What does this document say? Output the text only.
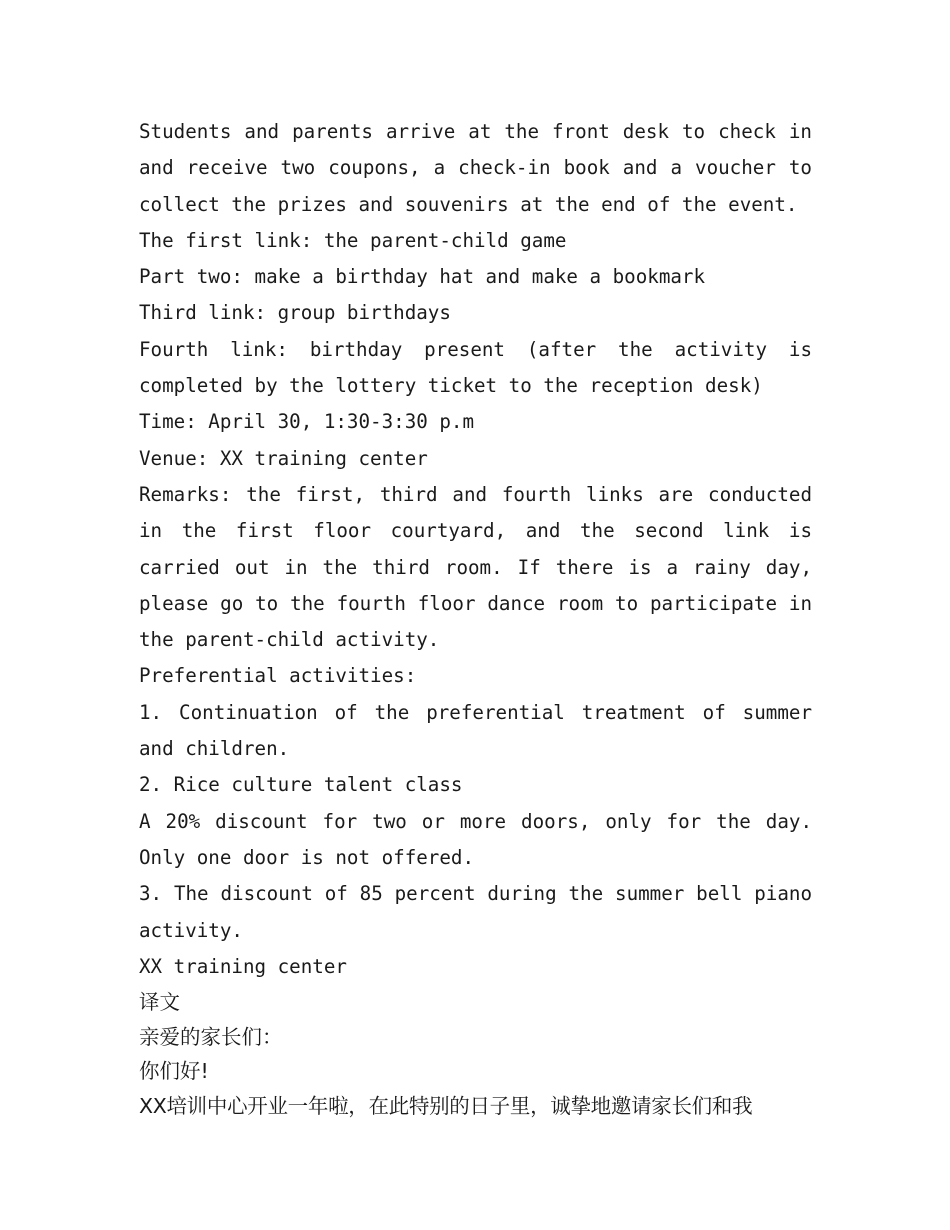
Students and parents arrive at the front desk to check in and receive two coupons, a check-in book and a voucher to collect the prizes and souvenirs at the end of the event.

The first link: the parent-child game

Part two: make a birthday hat and make a bookmark

Third link: group birthdays

Fourth link: birthday present (after the activity is completed by the lottery ticket to the reception desk)

Time: April 30, 1:30-3:30 p.m

Venue: XX training center

Remarks: the first, third and fourth links are conducted in the first floor courtyard, and the second link is carried out in the third room. If there is a rainy day, please go to the fourth floor dance room to participate in the parent-child activity.

Preferential activities:

1. Continuation of the preferential treatment of summer and children.

2. Rice culture talent class

A 20% discount for two or more doors, only for the day. Only one door is not offered.

3. The discount of 85 percent during the summer bell piano activity.

XX training center

译文

亲爱的家长们：

你们好!

XX培训中心开业一年啦，在此特别的日子里，诚挚地邀请家长们和我
